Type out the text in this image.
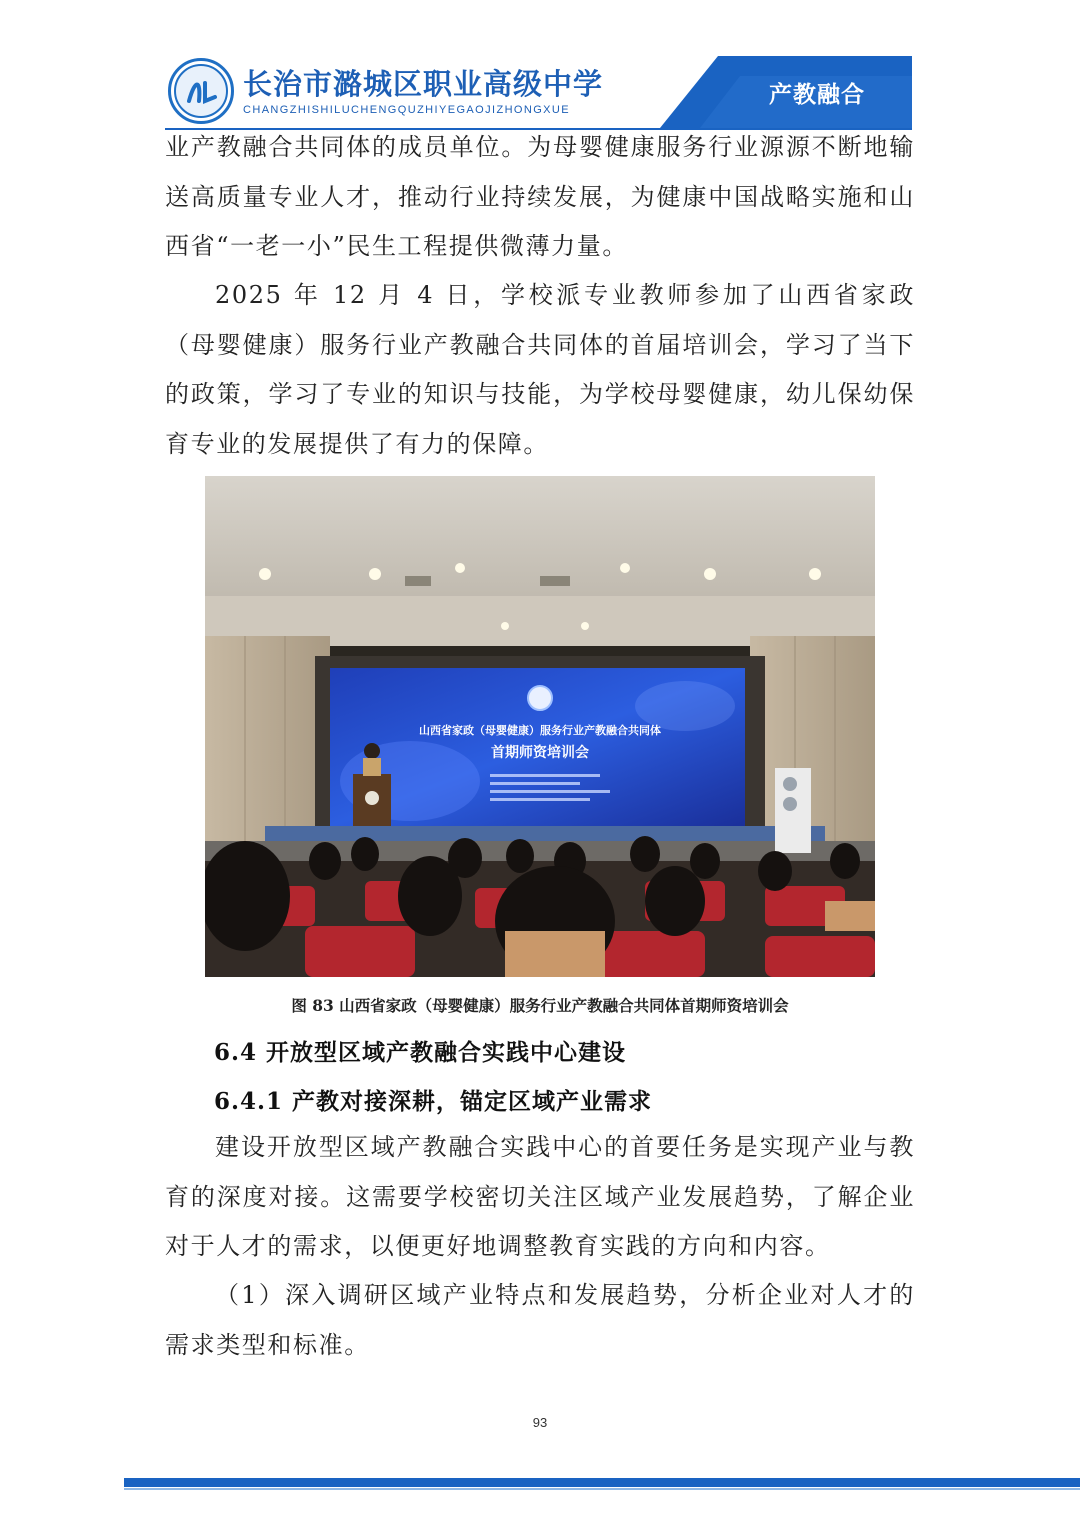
长治市潞城区职业高级中学
CHANGZHISHILUCHENGQUZHIYEGAOJIZHONGXUE
产教融合
业产教融合共同体的成员单位。为母婴健康服务行业源源不断地输送高质量专业人才，推动行业持续发展，为健康中国战略实施和山西省“一老一小”民生工程提供微薄力量。
2025 年 12 月 4 日，学校派专业教师参加了山西省家政（母婴健康）服务行业产教融合共同体的首届培训会，学习了当下的政策，学习了专业的知识与技能，为学校母婴健康，幼儿保幼保育专业的发展提供了有力的保障。
山西省家政（母婴健康）服务行业产教融合共同体
首期师资培训会
图 83 山西省家政（母婴健康）服务行业产教融合共同体首期师资培训会
6.4 开放型区域产教融合实践中心建设
6.4.1 产教对接深耕，锚定区域产业需求
建设开放型区域产教融合实践中心的首要任务是实现产业与教育的深度对接。这需要学校密切关注区域产业发展趋势，了解企业对于人才的需求，以便更好地调整教育实践的方向和内容。
（1）深入调研区域产业特点和发展趋势，分析企业对人才的需求类型和标准。
93
